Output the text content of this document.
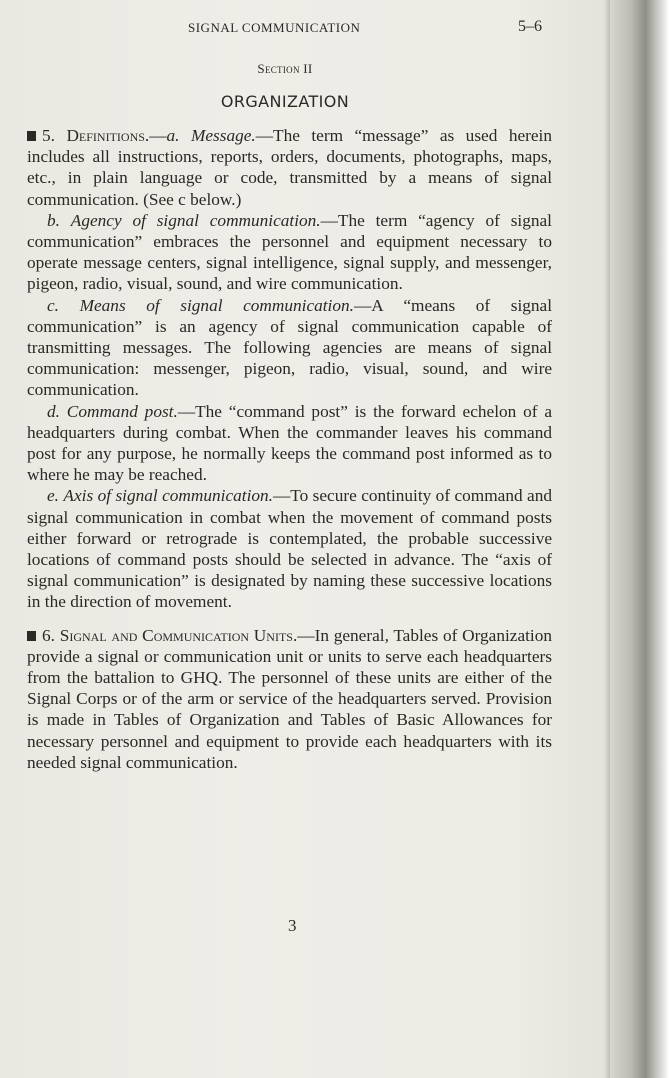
SIGNAL COMMUNICATION	5–6
Section II
ORGANIZATION

5. Definitions.—a. Message.—The term “message” as used herein includes all instructions, reports, orders, documents, photographs, maps, etc., in plain language or code, transmitted by a means of signal communication. (See c below.)

b. Agency of signal communication.—The term “agency of signal communication” embraces the personnel and equipment necessary to operate message centers, signal intelligence, signal supply, and messenger, pigeon, radio, visual, sound, and wire communication.

c. Means of signal communication.—A “means of signal communication” is an agency of signal communication capable of transmitting messages. The following agencies are means of signal communication: messenger, pigeon, radio, visual, sound, and wire communication.

d. Command post.—The “command post” is the forward echelon of a headquarters during combat. When the commander leaves his command post for any purpose, he normally keeps the command post informed as to where he may be reached.

e. Axis of signal communication.—To secure continuity of command and signal communication in combat when the movement of command posts either forward or retrograde is contemplated, the probable successive locations of command posts should be selected in advance. The “axis of signal communication” is designated by naming these successive locations in the direction of movement.

6. Signal and Communication Units.—In general, Tables of Organization provide a signal or communication unit or units to serve each headquarters from the battalion to GHQ. The personnel of these units are either of the Signal Corps or of the arm or service of the headquarters served. Provision is made in Tables of Organization and Tables of Basic Allowances for necessary personnel and equipment to provide each headquarters with its needed signal communication.

3
